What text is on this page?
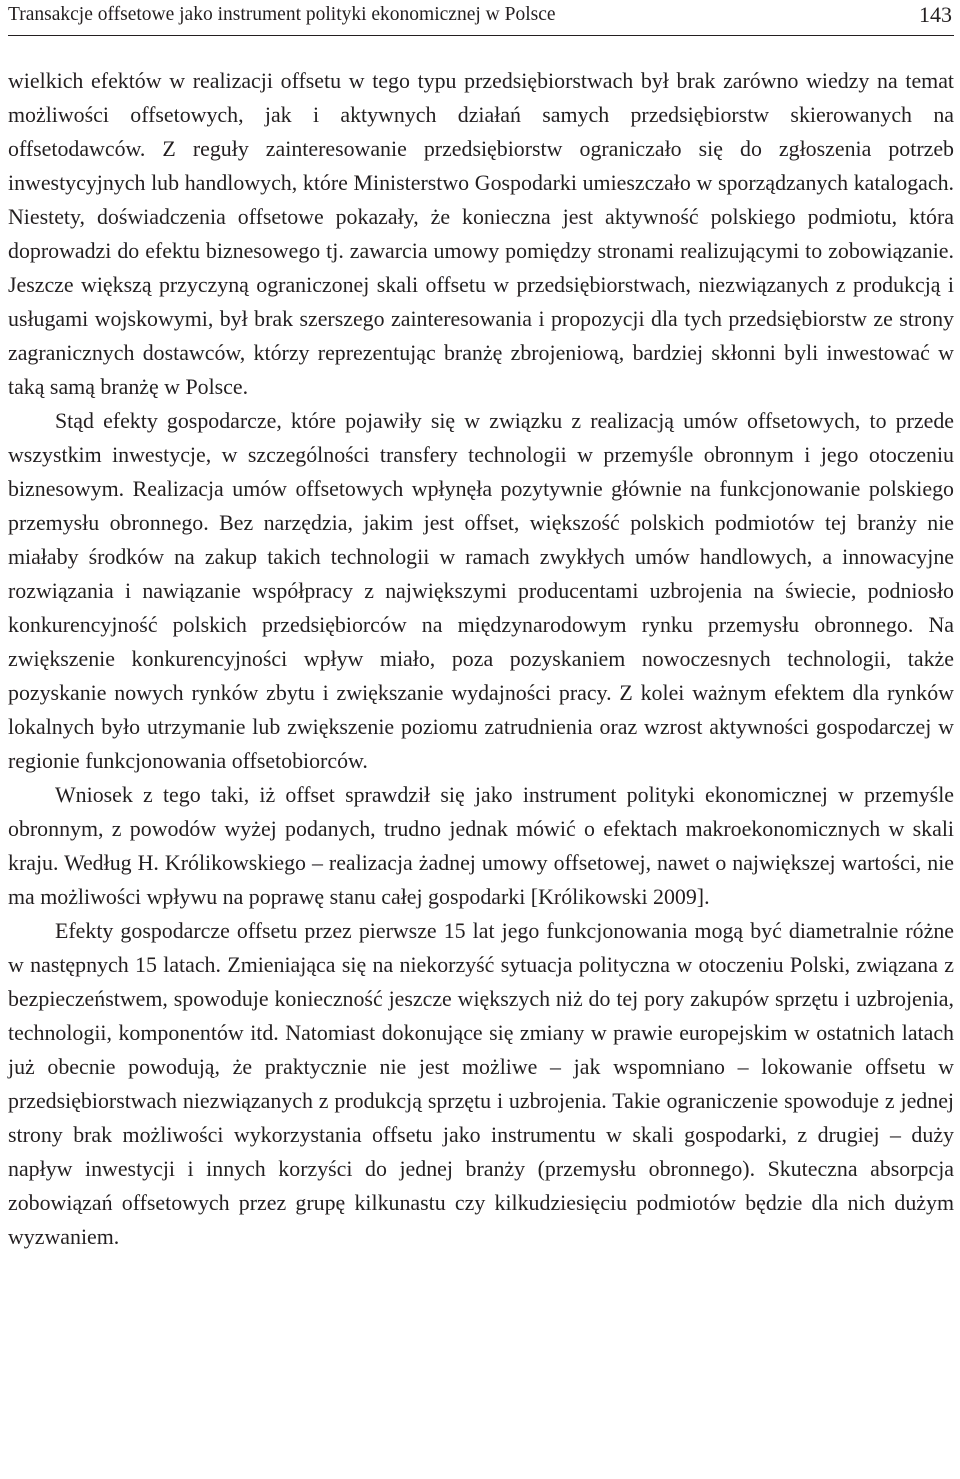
Transakcje offsetowe jako instrument polityki ekonomicznej w Polsce	143

wielkich efektów w realizacji offsetu w tego typu przedsiębiorstwach był brak zarówno wiedzy na temat możliwości offsetowych, jak i aktywnych działań samych przedsiębiorstw skierowanych na offsetodawców. Z reguły zainteresowanie przedsiębiorstw ograniczało się do zgłoszenia potrzeb inwestycyjnych lub handlowych, które Ministerstwo Gospodarki umieszczało w sporządzanych katalogach. Niestety, doświadczenia offsetowe pokazały, że konieczna jest aktywność polskiego podmiotu, która doprowadzi do efektu biznesowego tj. zawarcia umowy pomiędzy stronami realizującymi to zobowiązanie. Jeszcze większą przyczyną ograniczonej skali offsetu w przedsiębiorstwach, niezwiązanych z produkcją i usługami wojskowymi, był brak szerszego zainteresowania i propozycji dla tych przedsiębiorstw ze strony zagranicznych dostawców, którzy reprezentując branżę zbrojeniową, bardziej skłonni byli inwestować w taką samą branżę w Polsce.

Stąd efekty gospodarcze, które pojawiły się w związku z realizacją umów offsetowych, to przede wszystkim inwestycje, w szczególności transfery technologii w przemyśle obronnym i jego otoczeniu biznesowym. Realizacja umów offsetowych wpłynęła pozytywnie głównie na funkcjonowanie polskiego przemysłu obronnego. Bez narzędzia, jakim jest offset, większość polskich podmiotów tej branży nie miałaby środków na zakup takich technologii w ramach zwykłych umów handlowych, a innowacyjne rozwiązania i nawiązanie współpracy z największymi producentami uzbrojenia na świecie, podniosło konkurencyjność polskich przedsiębiorców na międzynarodowym rynku przemysłu obronnego. Na zwiększenie konkurencyjności wpływ miało, poza pozyskaniem nowoczesnych technologii, także pozyskanie nowych rynków zbytu i zwiększanie wydajności pracy. Z kolei ważnym efektem dla rynków lokalnych było utrzymanie lub zwiększenie poziomu zatrudnienia oraz wzrost aktywności gospodarczej w regionie funkcjonowania offsetobiorców.

Wniosek z tego taki, iż offset sprawdził się jako instrument polityki ekonomicznej w przemyśle obronnym, z powodów wyżej podanych, trudno jednak mówić o efektach makroekonomicznych w skali kraju. Według H. Królikowskiego – realizacja żadnej umowy offsetowej, nawet o największej wartości, nie ma możliwości wpływu na poprawę stanu całej gospodarki [Królikowski 2009].

Efekty gospodarcze offsetu przez pierwsze 15 lat jego funkcjonowania mogą być diametralnie różne w następnych 15 latach. Zmieniająca się na niekorzyść sytuacja polityczna w otoczeniu Polski, związana z bezpieczeństwem, spowoduje konieczność jeszcze większych niż do tej pory zakupów sprzętu i uzbrojenia, technologii, komponentów itd. Natomiast dokonujące się zmiany w prawie europejskim w ostatnich latach już obecnie powodują, że praktycznie nie jest możliwe – jak wspomniano – lokowanie offsetu w przedsiębiorstwach niezwiązanych z produkcją sprzętu i uzbrojenia. Takie ograniczenie spowoduje z jednej strony brak możliwości wykorzystania offsetu jako instrumentu w skali gospodarki, z drugiej – duży napływ inwestycji i innych korzyści do jednej branży (przemysłu obronnego). Skuteczna absorpcja zobowiązań offsetowych przez grupę kilkunastu czy kilkudziesięciu podmiotów będzie dla nich dużym wyzwaniem.
